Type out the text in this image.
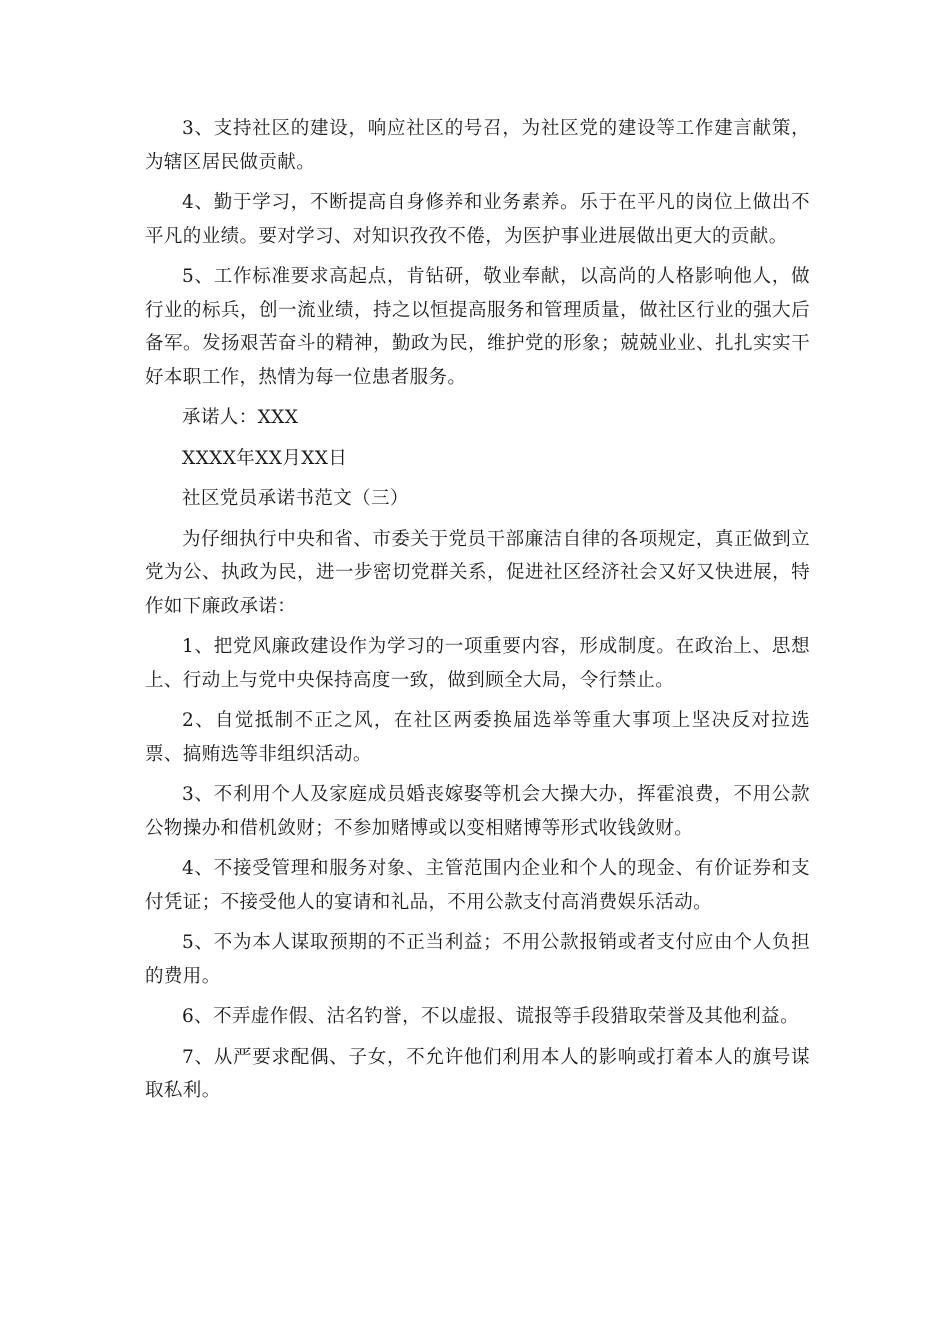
3、支持社区的建设，响应社区的号召，为社区党的建设等工作建言献策，为辖区居民做贡献。

4、勤于学习，不断提高自身修养和业务素养。乐于在平凡的岗位上做出不平凡的业绩。要对学习、对知识孜孜不倦，为医护事业进展做出更大的贡献。

5、工作标准要求高起点，肯钻研，敬业奉献，以高尚的人格影响他人，做行业的标兵，创一流业绩，持之以恒提高服务和管理质量，做社区行业的强大后备军。发扬艰苦奋斗的精神，勤政为民，维护党的形象；兢兢业业、扎扎实实干好本职工作，热情为每一位患者服务。

承诺人：XXX

XXXX年XX月XX日

社区党员承诺书范文（三）

为仔细执行中央和省、市委关于党员干部廉洁自律的各项规定，真正做到立党为公、执政为民，进一步密切党群关系，促进社区经济社会又好又快进展，特作如下廉政承诺：

1、把党风廉政建设作为学习的一项重要内容，形成制度。在政治上、思想上、行动上与党中央保持高度一致，做到顾全大局，令行禁止。

2、自觉抵制不正之风，在社区两委换届选举等重大事项上坚决反对拉选票、搞贿选等非组织活动。

3、不利用个人及家庭成员婚丧嫁娶等机会大操大办，挥霍浪费，不用公款公物操办和借机敛财；不参加赌博或以变相赌博等形式收钱敛财。

4、不接受管理和服务对象、主管范围内企业和个人的现金、有价证券和支付凭证；不接受他人的宴请和礼品，不用公款支付高消费娱乐活动。

5、不为本人谋取预期的不正当利益；不用公款报销或者支付应由个人负担的费用。

6、不弄虚作假、沽名钓誉，不以虚报、谎报等手段猎取荣誉及其他利益。

7、从严要求配偶、子女，不允许他们利用本人的影响或打着本人的旗号谋取私利。
